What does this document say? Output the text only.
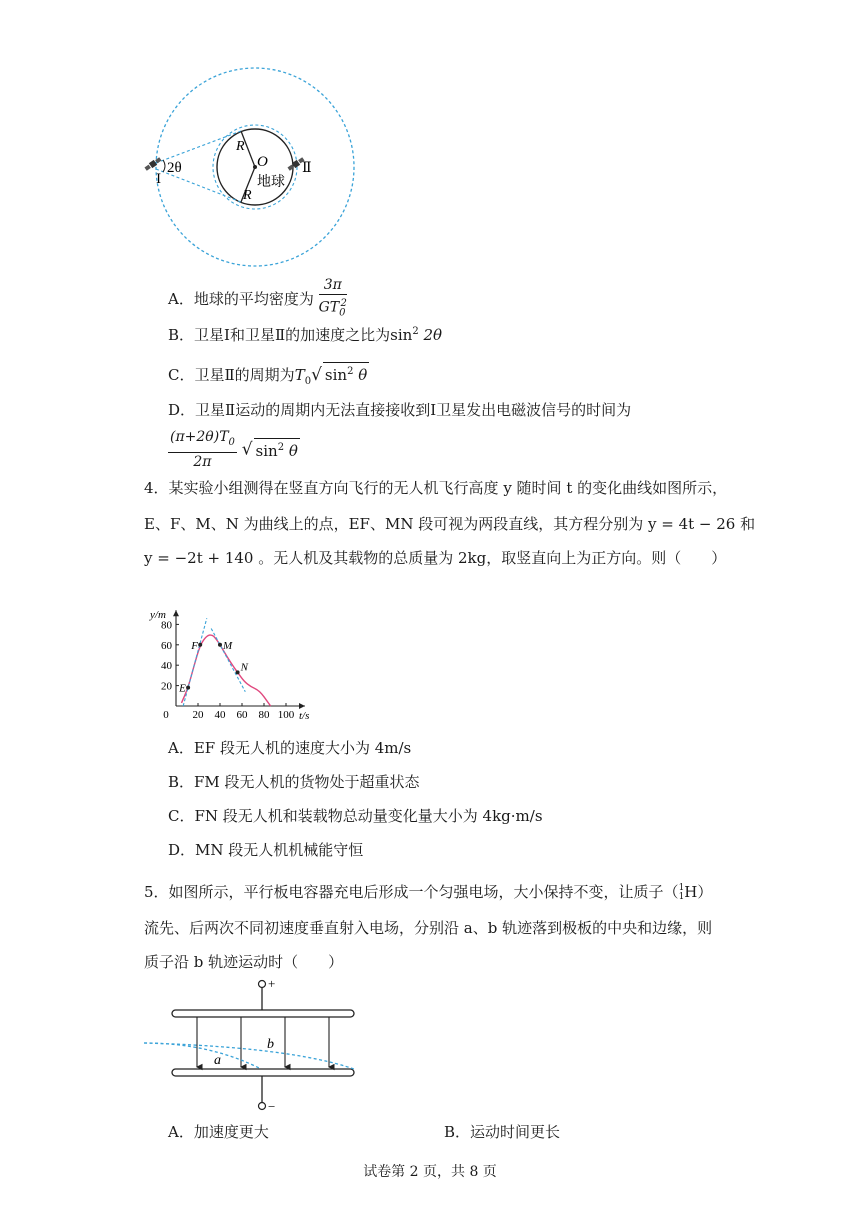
2θ
Ⅰ
Ⅱ
O
R
R
地球
A．地球的平均密度为 $\frac{3\pi}{GT_0^2}$
B．卫星Ⅰ和卫星Ⅱ的加速度之比为$\sin^2 2\theta$
C．卫星Ⅱ的周期为$T_0√$ $\sin^2 \theta$
D．卫星Ⅱ运动的周期内无法直接接收到Ⅰ卫星发出电磁波信号的时间为
$\frac{(\pi+2\theta)T_0}{2\pi}$ √ $\sin^2 \theta$
4．某实验小组测得在竖直方向飞行的无人机飞行高度 y 随时间 t 的变化曲线如图所示，
E、F、M、N 为曲线上的点，EF、MN 段可视为两段直线，其方程分别为 y = 4t − 26 和
y = −2t + 140 。无人机及其载物的总质量为 2kg，取竖直向上为正方向。则（　　）
0 20 40 60 80 100
20
40
60
80
t/s
y/m
E
F M
N
A．EF 段无人机的速度大小为 4m/s
B．FM 段无人机的货物处于超重状态
C．FN 段无人机和装载物总动量变化量大小为 4kg·m/s
D．MN 段无人机机械能守恒
5．如图所示，平行板电容器充电后形成一个匀强电场，大小保持不变，让质子（ 1
1 H）
流先、后两次不同初速度垂直射入电场，分别沿 a、b 轨迹落到极板的中央和边缘，则
质子沿 b 轨迹运动时（　　）
+
−
a
b
A．加速度更大	B．运动时间更长
试卷第 2 页，共 8 页
